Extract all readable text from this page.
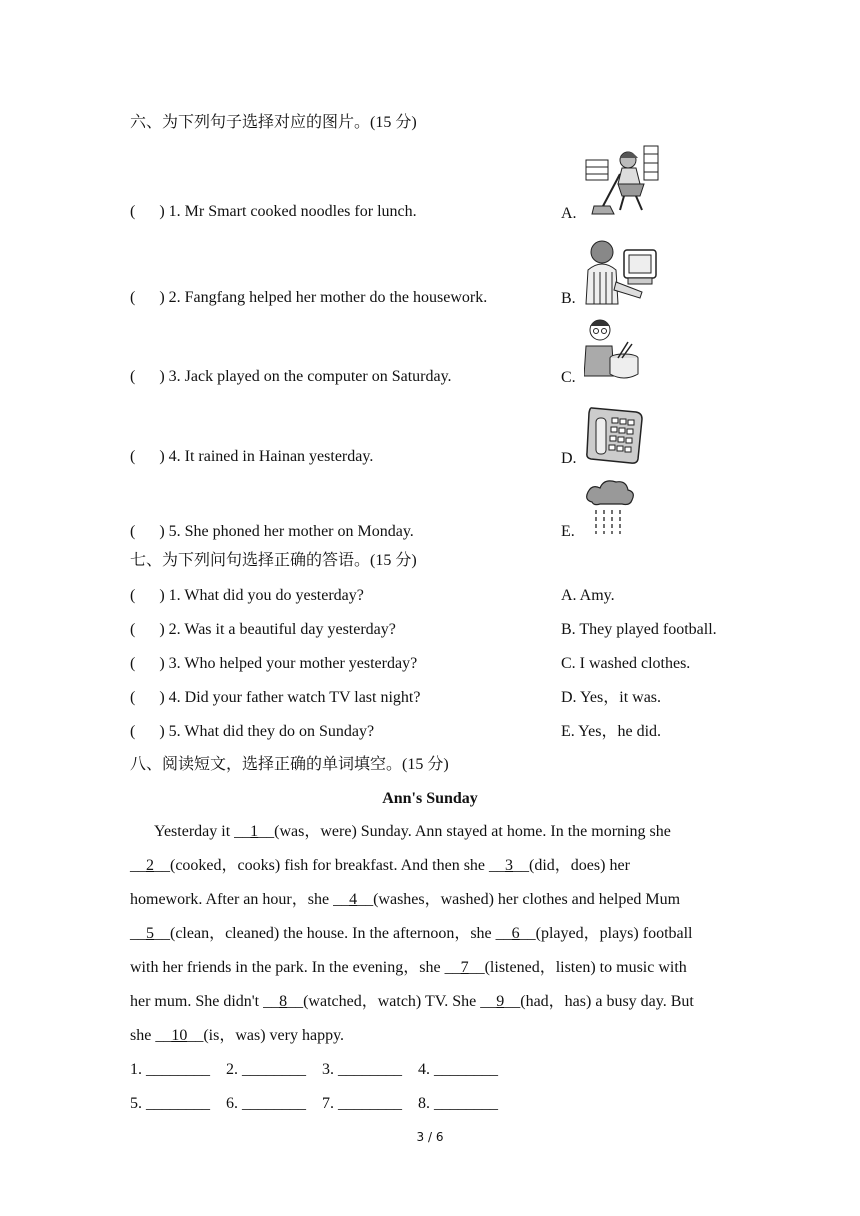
六、为下列句子选择对应的图片。(15 分)
(      ) 1. Mr Smart cooked noodles for lunch.	A.
(      ) 2. Fangfang helped her mother do the housework.	B.
(      ) 3. Jack played on the computer on Saturday.	C.
(      ) 4. It rained in Hainan yesterday.	D.
(      ) 5. She phoned her mother on Monday.	E.
七、为下列问句选择正确的答语。(15 分)
(      ) 1. What did you do yesterday?	A. Amy.
(      ) 2. Was it a beautiful day yesterday?	B. They played football.
(      ) 3. Who helped your mother yesterday?	C. I washed clothes.
(      ) 4. Did your father watch TV last night?	D. Yes，it was.
(      ) 5. What did they do on Sunday?	E. Yes，he did.
八、阅读短文，选择正确的单词填空。(15 分)
Ann's Sunday
Yesterday it __1__(was，were) Sunday. Ann stayed at home. In the morning she
__2__(cooked，cooks) fish for breakfast. And then she __3__(did，does) her
homework. After an hour，she __4__(washes，washed) her clothes and helped Mum
__5__(clean，cleaned) the house. In the afternoon，she __6__(played，plays) football
with her friends in the park. In the evening，she __7__(listened，listen) to music with
her mum. She didn't __8__(watched，watch) TV. She __9__(had，has) a busy day. But
she __10__(is，was) very happy.
1. ________    2. ________    3. ________    4. ________
5. ________    6. ________    7. ________    8. ________
3 / 6
